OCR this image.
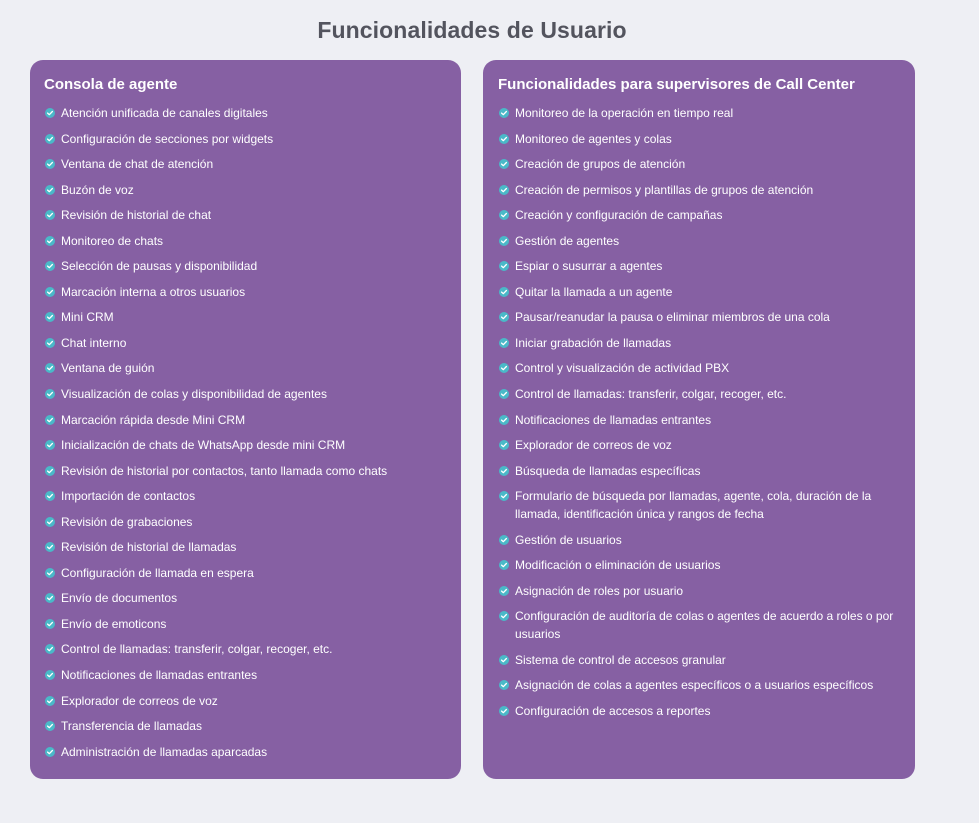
Funcionalidades de Usuario
Consola de agente
Atención unificada de canales digitales
Configuración de secciones por widgets
Ventana de chat de atención
Buzón de voz
Revisión de historial de chat
Monitoreo de chats
Selección de pausas y disponibilidad
Marcación interna a otros usuarios
Mini CRM
Chat interno
Ventana de guión
Visualización de colas y disponibilidad de agentes
Marcación rápida desde Mini CRM
Inicialización de chats de WhatsApp desde mini CRM
Revisión de historial por contactos, tanto llamada como chats
Importación de contactos
Revisión de grabaciones
Revisión de historial de llamadas
Configuración de llamada en espera
Envío de documentos
Envío de emoticons
Control de llamadas: transferir, colgar, recoger, etc.
Notificaciones de llamadas entrantes
Explorador de correos de voz
Transferencia de llamadas
Administración de llamadas aparcadas
Funcionalidades para supervisores de Call Center
Monitoreo de la operación en tiempo real
Monitoreo de agentes y colas
Creación de grupos de atención
Creación de permisos y plantillas de grupos de atención
Creación y configuración de campañas
Gestión de agentes
Espiar o susurrar a agentes
Quitar la llamada a un agente
Pausar/reanudar la pausa o eliminar miembros de una cola
Iniciar grabación de llamadas
Control y visualización de actividad PBX
Control de llamadas: transferir, colgar, recoger, etc.
Notificaciones de llamadas entrantes
Explorador de correos de voz
Búsqueda de llamadas específicas
Formulario de búsqueda por llamadas, agente, cola, duración de la llamada, identificación única y rangos de fecha
Gestión de usuarios
Modificación o eliminación de usuarios
Asignación de roles por usuario
Configuración de auditoría de colas o agentes de acuerdo a roles o por usuarios
Sistema de control de accesos granular
Asignación de colas a agentes específicos o a usuarios específicos
Configuración de accesos a reportes
